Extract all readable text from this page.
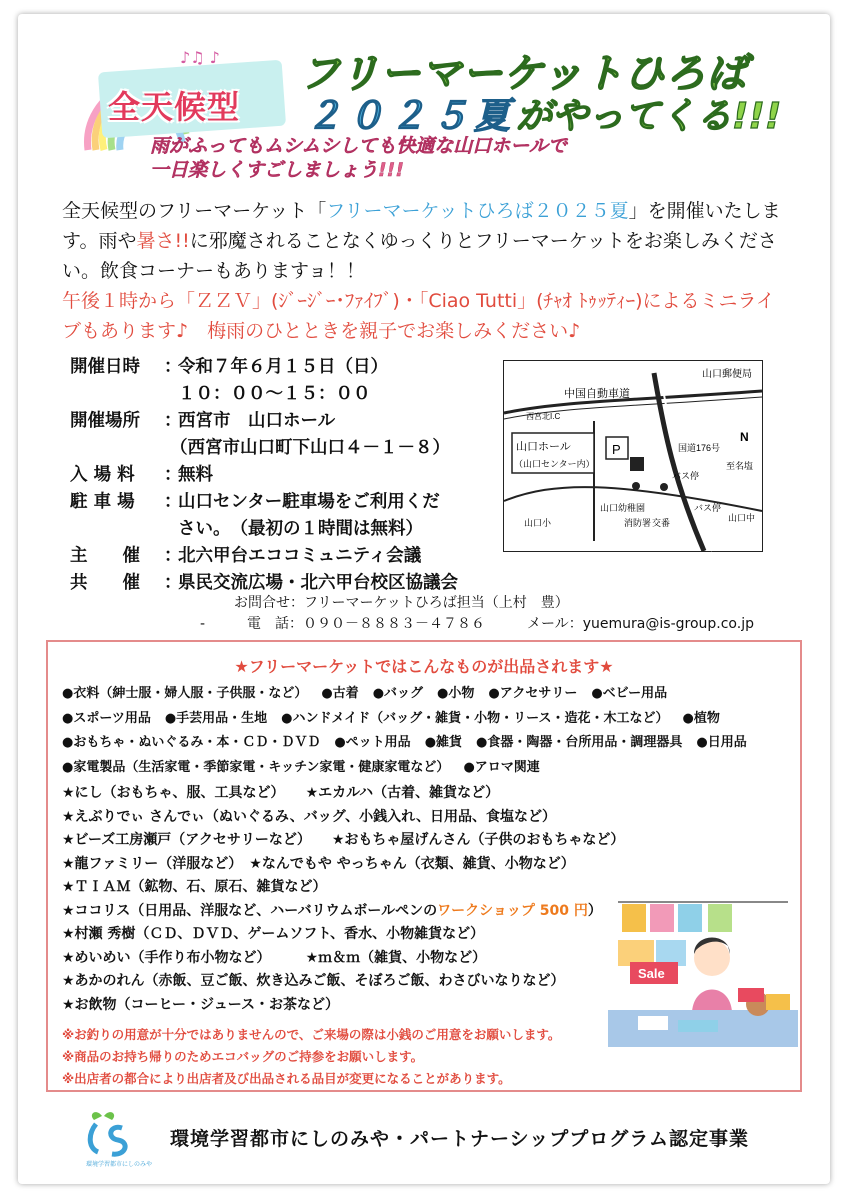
全天候型
♪♫ ♪ フリーマーケットひろば
２０２５夏がやってくる!!!
雨がふってもムシムシしても快適な山口ホールで
一日楽しくすごしましょう!!!
全天候型のフリーマーケット「フリーマーケットひろば２０２５夏」を開催いたします。雨や暑さ!!に邪魔されることなくゆっくりとフリーマーケットをお楽しみください。飲食コーナーもありますョ！！
午後１時から「ＺＺＶ」(ｼﾞｰｼﾞｰ･ﾌｧｲﾌﾞ)・「Ciao Tutti」(ﾁｬｵ ﾄｩｯﾃｨｰ)によるミニライブもあります♪　梅雨のひとときを親子でお楽しみください♪
開催日時	：
令和７年６月１５日（日）
１０：００～１５：００
開催場所	：
西宮市　山口ホール
（西宮市山口町下山口４－１－８）
入 場 料	：
無料
駐 車 場	：
山口センター駐車場をご利用くだ
さい。　（最初の１時間は無料）
主　　催	：
北六甲台エココミュニティ会議
共　　催	：
県民交流広場・北六甲台校区協議会
お問合せ：フリーマーケットひろば担当（上村　豊）
-　　　電　話：０９０－８８８３－４７８６　　　メール：yuemura@is-group.co.jp
P
山口ホール
（山口センター内）
中国自動車道
山口郵便局
西宮北I.C
山口小
山口幼稚園
消防署 交番
バス停
バス停
山口中
N
至名塩
国道176号
★フリーマーケットではこんなものが出品されます★
●衣料（紳士服・婦人服・子供服・など） ●古着 ●バッグ ●小物 ●アクセサリー ●ベビー用品
●スポーツ用品 ●手芸用品・生地 ●ハンドメイド（バッグ・雑貨・小物・リース・造花・木工など） ●植物
●おもちゃ・ぬいぐるみ・本・ＣＤ・ＤＶＤ ●ペット用品 ●雑貨 ●食器・陶器・台所用品・調理器具 ●日用品
●家電製品（生活家電・季節家電・キッチン家電・健康家電など） ●アロマ関連
★にし（おもちゃ、服、工具など）　　 ★エカルハ（古着、雑貨など）
★えぶりでぃ さんでぃ（ぬいぐるみ、バッグ、小銭入れ、日用品、食塩など）
★ビーズ工房瀬戸（アクセサリーなど）　　 ★おもちゃ屋げんさん（子供のおもちゃなど）
★龍ファミリー（洋服など）　 ★なんでもや やっちゃん（衣類、雑貨、小物など）
★ＴＩＡＭ（鉱物、石、原石、雑貨など）
★ココリス（日用品、洋服など、ハーバリウムボールペンのワークショップ 500 円）
★村瀬 秀樹（ＣＤ、ＤＶＤ、ゲームソフト、香水、小物雑貨など）
★めいめい（手作り布小物など）　　　	★ｍ＆ｍ（雑貨、小物など）
★あかのれん（赤飯、豆ご飯、炊き込みご飯、そぼろご飯、わさびいなりなど）
★お飲物（コーヒー・ジュース・お茶など）
Sale
※お釣りの用意が十分ではありませんので、ご来場の際は小銭のご用意をお願いします。
※商品のお持ち帰りのためエコバッグのご持参をお願いします。
※出店者の都合により出店者及び出品される品目が変更になることがあります。
環境学習都市にしのみや
環境学習都市にしのみや・パートナーシッププログラム認定事業
